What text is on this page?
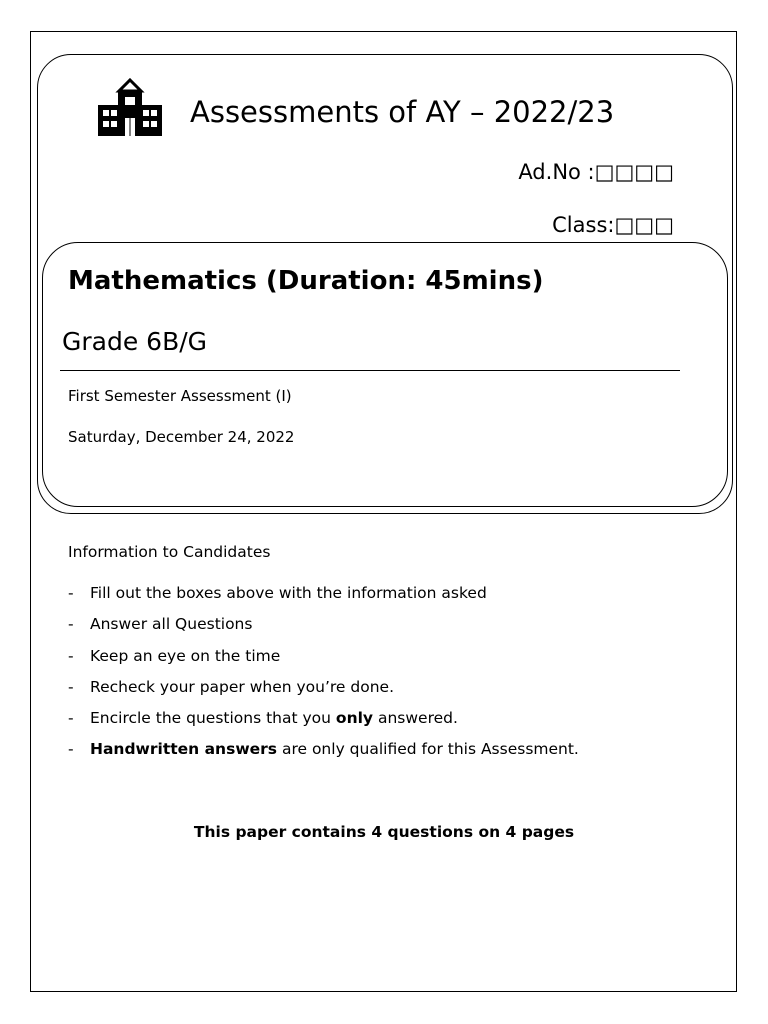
Assessments of AY – 2022/23
Ad.No :□□□□
Class:□□□
Mathematics (Duration: 45mins)
Grade 6B/G
First Semester Assessment (I)
Saturday, December 24, 2022
Information to Candidates
- Fill out the boxes above with the information asked
- Answer all Questions
- Keep an eye on the time
- Recheck your paper when you’re done.
- Encircle the questions that you only answered.
- Handwritten answers are only qualified for this Assessment.
This paper contains 4 questions on 4 pages
